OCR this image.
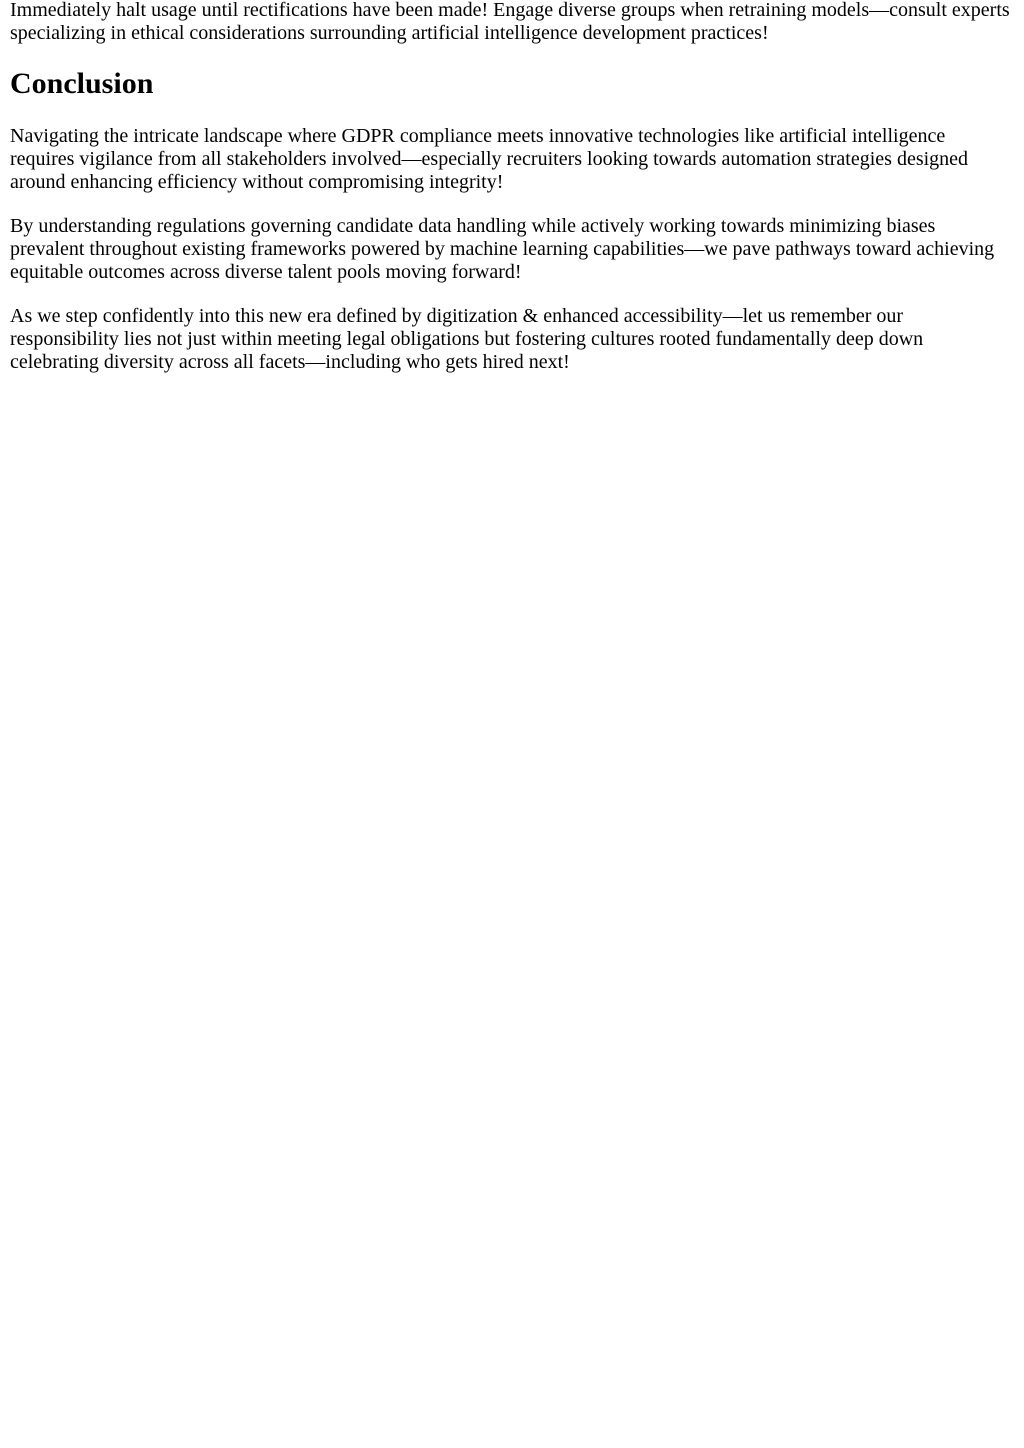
Immediately halt usage until rectifications have been made! Engage diverse groups when retraining models—consult experts specializing in ethical considerations surrounding artificial intelligence development practices!

Conclusion

Navigating the intricate landscape where GDPR compliance meets innovative technologies like artificial intelligence requires vigilance from all stakeholders involved—especially recruiters looking towards automation strategies designed around enhancing efficiency without compromising integrity!

By understanding regulations governing candidate data handling while actively working towards minimizing biases prevalent throughout existing frameworks powered by machine learning capabilities—we pave pathways toward achieving equitable outcomes across diverse talent pools moving forward!

As we step confidently into this new era defined by digitization & enhanced accessibility—let us remember our responsibility lies not just within meeting legal obligations but fostering cultures rooted fundamentally deep down celebrating diversity across all facets—including who gets hired next!
